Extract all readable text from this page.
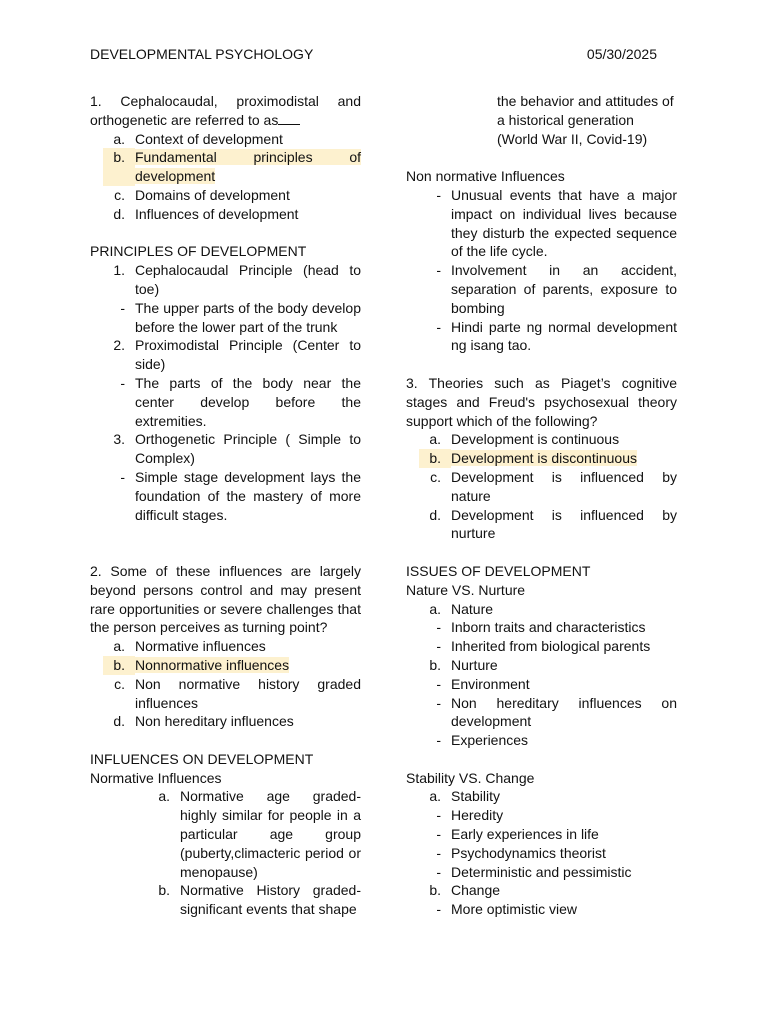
DEVELOPMENTAL PSYCHOLOGY	05/30/2025

1. Cephalocaudal, proximodistal and orthogenetic are referred to as

a. Context of development
b. Fundamental principles of development
c. Domains of development
d. Influences of development

PRINCIPLES OF DEVELOPMENT

1. Cephalocaudal Principle (head to toe)
- The upper parts of the body develop before the lower part of the trunk
2. Proximodistal Principle (Center to side)
- The parts of the body near the center develop before the extremities.
3. Orthogenetic Principle ( Simple to Complex)
- Simple stage development lays the foundation of the mastery of more difficult stages.

2. Some of these influences are largely beyond persons control and may present rare opportunities or severe challenges that the person perceives as turning point?

a. Normative influences
b. Nonnormative influences
c. Non normative history graded influences
d. Non hereditary influences

INFLUENCES ON DEVELOPMENT

Normative Influences

a. Normative age graded- highly similar for people in a particular age group (puberty,climacteric period or menopause)
b. Normative History graded- significant events that shape

the behavior and attitudes of a historical generation (World War II, Covid-19)

Non normative Influences

- Unusual events that have a major impact on individual lives because they disturb the expected sequence of the life cycle.
- Involvement in an accident, separation of parents, exposure to bombing
- Hindi parte ng normal development ng isang tao.

3. Theories such as Piaget’s cognitive stages and Freud's psychosexual theory support which of the following?

a. Development is continuous
b. Development is discontinuous
c. Development is influenced by nature
d. Development is influenced by nurture

ISSUES OF DEVELOPMENT

Nature VS. Nurture

a. Nature
- Inborn traits and characteristics
- Inherited from biological parents
b. Nurture
- Environment
- Non hereditary influences on development
- Experiences

Stability VS. Change

a. Stability
- Heredity
- Early experiences in life
- Psychodynamics theorist
- Deterministic and pessimistic
b. Change
- More optimistic view
